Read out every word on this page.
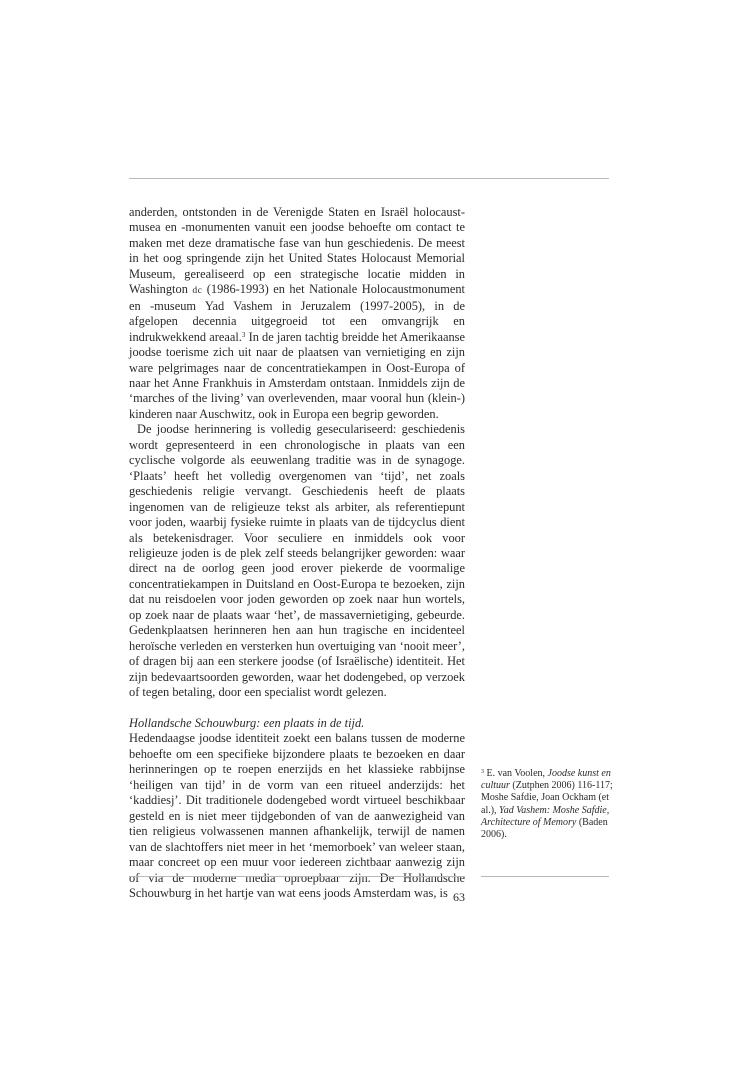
anderden, ontstonden in de Verenigde Staten en Israël holocaust-musea en -monumenten vanuit een joodse behoefte om contact te maken met deze dramatische fase van hun geschiedenis. De meest in het oog springende zijn het United States Holocaust Memorial Museum, gerealiseerd op een strategische locatie midden in Washington dc (1986-1993) en het Nationale Holocaustmonument en -museum Yad Vashem in Jeruzalem (1997-2005), in de afgelopen decennia uitgegroeid tot een omvangrijk en indrukwekkend areaal.$^3$ In de jaren tachtig breidde het Amerikaanse joodse toerisme zich uit naar de plaatsen van vernietiging en zijn ware pelgrimages naar de concentratiekampen in Oost-Europa of naar het Anne Frankhuis in Amsterdam ontstaan. Inmiddels zijn de ‘marches of the living’ van overlevenden, maar vooral hun (klein-) kinderen naar Auschwitz, ook in Europa een begrip geworden.

De joodse herinnering is volledig geseculariseerd: geschiedenis wordt gepresenteerd in een chronologische in plaats van een cyclische volgorde als eeuwenlang traditie was in de synagoge. ‘Plaats’ heeft het volledig overgenomen van ‘tijd’, net zoals geschiedenis religie vervangt. Geschiedenis heeft de plaats ingenomen van de religieuze tekst als arbiter, als referentiepunt voor joden, waarbij fysieke ruimte in plaats van de tijdcyclus dient als betekenisdrager. Voor seculiere en inmiddels ook voor religieuze joden is de plek zelf steeds belangrijker geworden: waar direct na de oorlog geen jood erover piekerde de voormalige concentratiekampen in Duitsland en Oost-Europa te bezoeken, zijn dat nu reisdoelen voor joden geworden op zoek naar hun wortels, op zoek naar de plaats waar ‘het’, de massavernietiging, gebeurde. Gedenkplaatsen herinneren hen aan hun tragische en incidenteel heroïsche verleden en versterken hun overtuiging van ‘nooit meer’, of dragen bij aan een sterkere joodse (of Israëlische) identiteit. Het zijn bedevaartsoorden geworden, waar het dodengebed, op verzoek of tegen betaling, door een specialist wordt gelezen.

Hollandsche Schouwburg: een plaats in de tijd.

Hedendaagse joodse identiteit zoekt een balans tussen de moderne behoefte om een specifieke bijzondere plaats te bezoeken en daar herinneringen op te roepen enerzijds en het klassieke rabbijnse ‘heiligen van tijd’ in de vorm van een ritueel anderzijds: het ‘kaddiesj’. Dit traditionele dodengebed wordt virtueel beschikbaar gesteld en is niet meer tijdgebonden of van de aanwezigheid van tien religieus volwassenen mannen afhankelijk, terwijl de namen van de slachtoffers niet meer in het ‘memorboek’ van weleer staan, maar concreet op een muur voor iedereen zichtbaar aanwezig zijn of via de moderne media oproepbaar zijn. De Hollandsche Schouwburg in het hartje van wat eens joods Amsterdam was, is

$^3$ E. van Voolen, Joodse kunst en cultuur (Zutphen 2006) 116-117; Moshe Safdie, Joan Ockham (et al.), Yad Vashem: Moshe Safdie, Architecture of Memory (Baden 2006).
63
